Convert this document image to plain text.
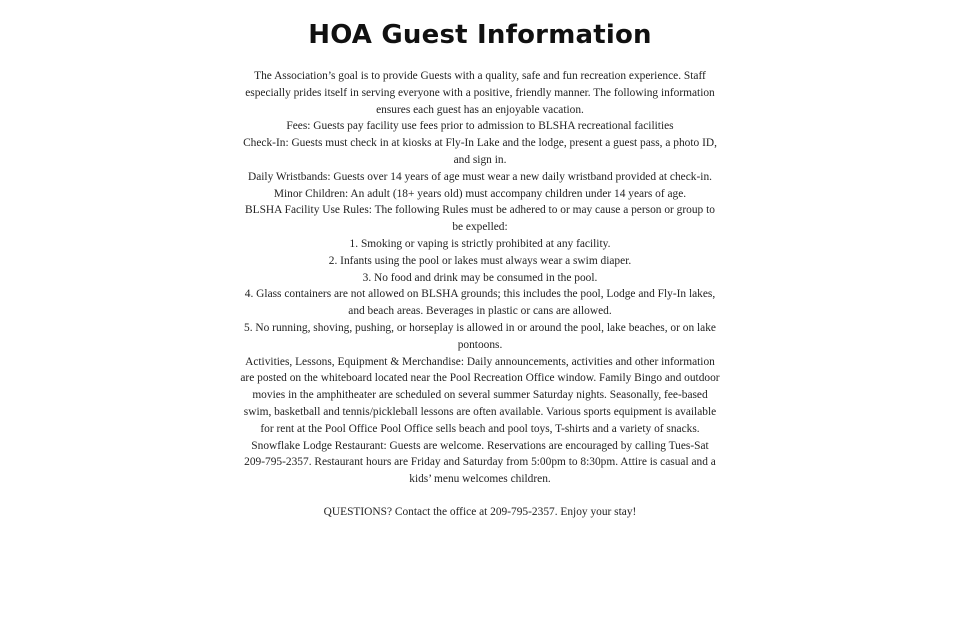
HOA Guest Information

The Association’s goal is to provide Guests with a quality, safe and fun recreation experience. Staff especially prides itself in serving everyone with a positive, friendly manner. The following information ensures each guest has an enjoyable vacation.

Fees: Guests pay facility use fees prior to admission to BLSHA recreational facilities

Check-In: Guests must check in at kiosks at Fly-In Lake and the lodge, present a guest pass, a photo ID, and sign in.

Daily Wristbands: Guests over 14 years of age must wear a new daily wristband provided at check-in.

Minor Children: An adult (18+ years old) must accompany children under 14 years of age.

BLSHA Facility Use Rules: The following Rules must be adhered to or may cause a person or group to be expelled:

1. Smoking or vaping is strictly prohibited at any facility.

2. Infants using the pool or lakes must always wear a swim diaper.

3. No food and drink may be consumed in the pool.

4. Glass containers are not allowed on BLSHA grounds; this includes the pool, Lodge and Fly-In lakes, and beach areas. Beverages in plastic or cans are allowed.

5. No running, shoving, pushing, or horseplay is allowed in or around the pool, lake beaches, or on lake pontoons.

Activities, Lessons, Equipment & Merchandise: Daily announcements, activities and other information are posted on the whiteboard located near the Pool Recreation Office window. Family Bingo and outdoor movies in the amphitheater are scheduled on several summer Saturday nights. Seasonally, fee-based swim, basketball and tennis/pickleball lessons are often available. Various sports equipment is available for rent at the Pool Office Pool Office sells beach and pool toys, T-shirts and a variety of snacks.

Snowflake Lodge Restaurant: Guests are welcome. Reservations are encouraged by calling Tues-Sat 209-795-2357. Restaurant hours are Friday and Saturday from 5:00pm to 8:30pm. Attire is casual and a kids’ menu welcomes children.

QUESTIONS? Contact the office at 209-795-2357. Enjoy your stay!
